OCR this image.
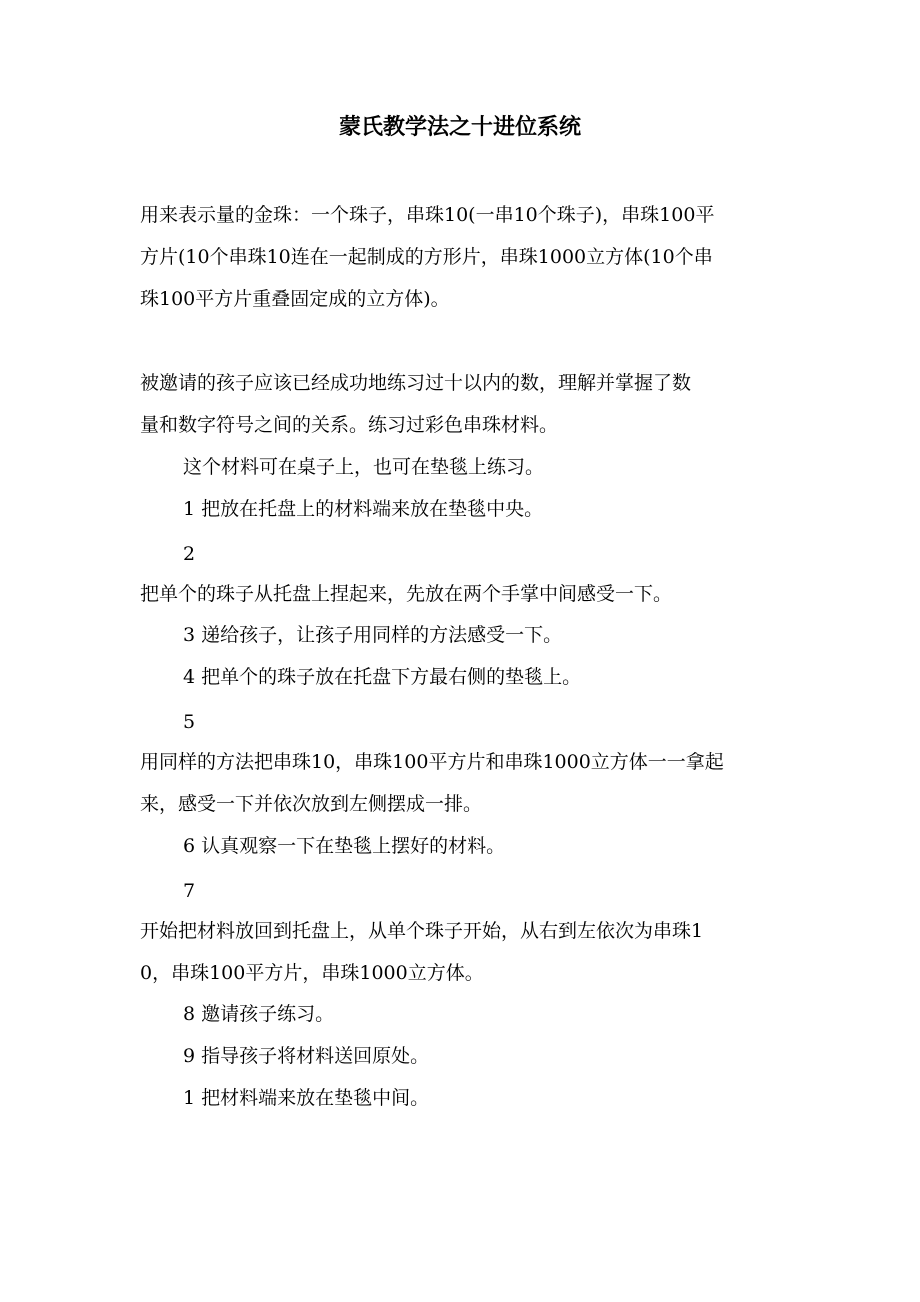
蒙氏教学法之十进位系统
用来表示量的金珠：一个珠子，串珠10(一串10个珠子)，串珠100平
方片(10个串珠10连在一起制成的方形片，串珠1000立方体(10个串
珠100平方片重叠固定成的立方体)。
被邀请的孩子应该已经成功地练习过十以内的数，理解并掌握了数
量和数字符号之间的关系。练习过彩色串珠材料。
这个材料可在桌子上，也可在垫毯上练习。
1 把放在托盘上的材料端来放在垫毯中央。
2
把单个的珠子从托盘上捏起来，先放在两个手掌中间感受一下。
3 递给孩子，让孩子用同样的方法感受一下。
4 把单个的珠子放在托盘下方最右侧的垫毯上。
5
用同样的方法把串珠10，串珠100平方片和串珠1000立方体一一拿起
来，感受一下并依次放到左侧摆成一排。
6 认真观察一下在垫毯上摆好的材料。
7
开始把材料放回到托盘上，从单个珠子开始，从右到左依次为串珠1
0，串珠100平方片，串珠1000立方体。
8 邀请孩子练习。
9 指导孩子将材料送回原处。
1 把材料端来放在垫毯中间。
